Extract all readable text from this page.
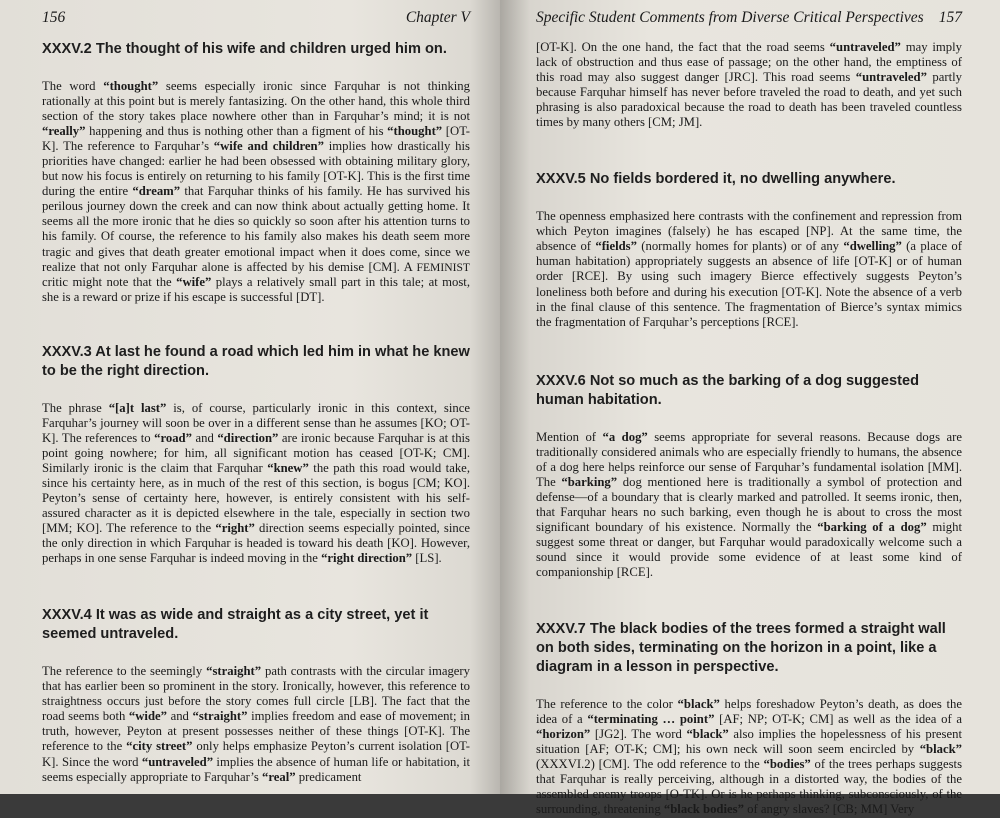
156	Chapter V
XXXV.2 The thought of his wife and children urged him on.

The word “thought” seems especially ironic since Farquhar is not thinking rationally at this point but is merely fantasizing. On the other hand, this whole third section of the story takes place nowhere other than in Farquhar’s mind; it is not “really” happening and thus is nothing other than a figment of his “thought” [OT-K]. The reference to Farquhar’s “wife and children” implies how drastically his priorities have changed: earlier he had been obsessed with obtaining military glory, but now his focus is entirely on returning to his family [OT-K]. This is the first time during the entire “dream” that Farquhar thinks of his family. He has survived his perilous journey down the creek and can now think about actually getting home. It seems all the more ironic that he dies so quickly so soon after his attention turns to his family. Of course, the reference to his family also makes his death seem more tragic and gives that death greater emotional impact when it does come, since we realize that not only Farquhar alone is affected by his demise [CM]. A FEMINIST critic might note that the “wife” plays a relatively small part in this tale; at most, she is a reward or prize if his escape is successful [DT].

XXXV.3 At last he found a road which led him in what he knew to be the right direction.

The phrase “[a]t last” is, of course, particularly ironic in this context, since Farquhar’s journey will soon be over in a different sense than he assumes [KO; OT-K]. The references to “road” and “direction” are ironic because Farquhar is at this point going nowhere; for him, all significant motion has ceased [OT-K; CM]. Similarly ironic is the claim that Farquhar “knew” the path this road would take, since his certainty here, as in much of the rest of this section, is bogus [CM; KO]. Peyton’s sense of certainty here, however, is entirely consistent with his self-assured character as it is depicted elsewhere in the tale, especially in section two [MM; KO]. The reference to the “right” direction seems especially pointed, since the only direction in which Farquhar is headed is toward his death [KO]. However, perhaps in one sense Farquhar is indeed moving in the “right direction” [LS].

XXXV.4 It was as wide and straight as a city street, yet it seemed untraveled.

The reference to the seemingly “straight” path contrasts with the circular imagery that has earlier been so prominent in the story. Ironically, however, this reference to straightness occurs just before the story comes full circle [LB]. The fact that the road seems both “wide” and “straight” implies freedom and ease of movement; in truth, however, Peyton at present possesses neither of these things [OT-K]. The reference to the “city street” only helps emphasize Peyton’s current isolation [OT-K]. Since the word “untraveled” implies the absence of human life or habitation, it seems especially appropriate to Farquhar’s “real” predicament

Specific Student Comments from Diverse Critical Perspectives 157

[OT-K]. On the one hand, the fact that the road seems “untraveled” may imply lack of obstruction and thus ease of passage; on the other hand, the emptiness of this road may also suggest danger [JRC]. This road seems “untraveled” partly because Farquhar himself has never before traveled the road to death, and yet such phrasing is also paradoxical because the road to death has been traveled countless times by many others [CM; JM].

XXXV.5 No fields bordered it, no dwelling anywhere.

The openness emphasized here contrasts with the confinement and repression from which Peyton imagines (falsely) he has escaped [NP]. At the same time, the absence of “fields” (normally homes for plants) or of any “dwelling” (a place of human habitation) appropriately suggests an absence of life [OT-K] or of human order [RCE]. By using such imagery Bierce effectively suggests Peyton’s loneliness both before and during his execution [OT-K]. Note the absence of a verb in the final clause of this sentence. The fragmentation of Bierce’s syntax mimics the fragmentation of Farquhar’s perceptions [RCE].

XXXV.6 Not so much as the barking of a dog suggested human habitation.

Mention of “a dog” seems appropriate for several reasons. Because dogs are traditionally considered animals who are especially friendly to humans, the absence of a dog here helps reinforce our sense of Farquhar’s fundamental isolation [MM]. The “barking” dog mentioned here is traditionally a symbol of protection and defense—of a boundary that is clearly marked and patrolled. It seems ironic, then, that Farquhar hears no such barking, even though he is about to cross the most significant boundary of his existence. Normally the “barking of a dog” might suggest some threat or danger, but Farquhar would paradoxically welcome such a sound since it would provide some evidence of at least some kind of companionship [RCE].

XXXV.7 The black bodies of the trees formed a straight wall on both sides, terminating on the horizon in a point, like a diagram in a lesson in perspective.

The reference to the color “black” helps foreshadow Peyton’s death, as does the idea of a “terminating … point” [AF; NP; OT-K; CM] as well as the idea of a “horizon” [JG2]. The word “black” also implies the hopelessness of his present situation [AF; OT-K; CM]; his own neck will soon seem encircled by “black” (XXXVI.2) [CM]. The odd reference to the “bodies” of the trees perhaps suggests that Farquhar is really perceiving, although in a distorted way, the bodies of the assembled enemy troops [O-TK]. Or is he perhaps thinking, subconsciously, of the surrounding, threatening “black bodies” of angry slaves? [CB; MM] Very
